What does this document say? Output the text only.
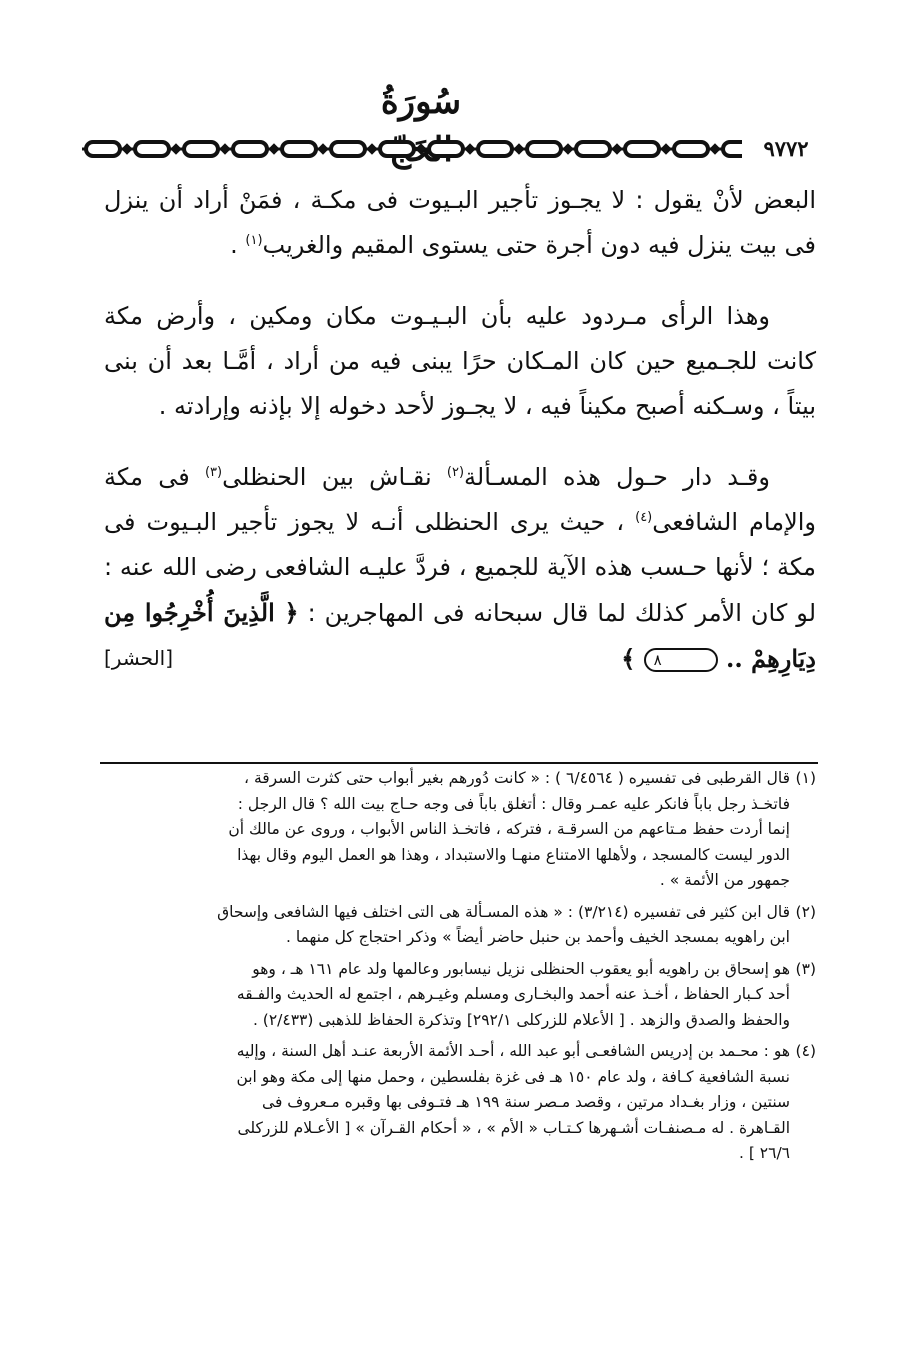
سُورَةُ
٩٧٧٢

البعض لأنْ يقول : لا يجـوز تأجير البـيوت فى مكـة ، فمَنْ أراد أن ينزل فى بيت ينزل فيه دون أجرة حتى يستوى المقيم والغريب$^{(١)}$ .

وهذا الرأى مـردود عليه بأن البـيـوت مكان ومكين ، وأرض مكة كانت للجـميع حين كان المـكان حرًا يبنى فيه من أراد ، أمَّـا بعد أن بنى بيتاً ، وسـكنه أصبح مكيناً فيه ، لا يجـوز لأحد دخوله إلا بإذنه وإرادته .

وقـد دار حـول هذه المسـألة$^{(٢)}$ نقـاش بين الحنظلى$^{(٣)}$ فى مكة والإمام الشافعى$^{(٤)}$ ، حيث يرى الحنظلى أنـه لا يجوز تأجير البـيوت فى مكة ؛ لأنها حـسب هذه الآية للجميع ، فردَّ عليـه الشافعى رضى الله عنه : لو كان الأمر كذلك لما قال سبحانه فى المهاجرين : ﴿ الَّذِينَ أُخْرِجُوا مِن دِيَارِهِمْ .. ٨ ﴾
[الحشر]

(١)قال القرطبى فى تفسيره ( ٦/٤٥٦٤ ) : « كانت دُورهم بغير أبواب حتى كثرت السرقة ،
فاتخـذ رجل باباً فانكر عليه عمـر وقال : أتغلق باباً فى وجه حـاج بيت الله ؟ قال الرجل :
إنما أردت حفظ مـتاعهم من السرقـة ، فتركه ، فاتخـذ الناس الأبواب ، وروى عن مالك أن
الدور ليست كالمسجد ، ولأهلها الامتناع منهـا والاستبداد ، وهذا هو العمل اليوم وقال بهذا
جمهور من الأئمة » .
(٢)قال ابن كثير فى تفسيره (٣/٢١٤) : « هذه المسـألة هى التى اختلف فيها الشافعى وإسحاق
ابن راهويه بمسجد الخيف وأحمد بن حنبل حاضر أيضاً » وذكر احتجاج كل منهما .
(٣)هو إسحاق بن راهويه أبو يعقوب الحنظلى نزيل نيسابور وعالمها ولد عام ١٦١ هـ ، وهو
أحد كـبار الحفاظ ، أخـذ عنه أحمد والبخـارى ومسلم وغيـرهم ، اجتمع له الحديث والفـقه
والحفظ والصدق والزهد . [ الأعلام للزركلى ٢٩٢/١] وتذكرة الحفاظ للذهبى (٢/٤٣٣) .
(٤)هو : محـمد بن إدريس الشافعـى أبو عبد الله ، أحـد الأئمة الأربعة عنـد أهل السنة ، وإليه
نسبة الشافعية كـافة ، ولد عام ١٥٠ هـ فى غزة بفلسطين ، وحمل منها إلى مكة وهو ابن
سنتين ، وزار بغـداد مرتين ، وقصد مـصر سنة ١٩٩ هـ فتـوفى بها وقبره مـعروف فى
القـاهرة . له مـصنفـات أشـهرها كـتـاب « الأم » ، « أحكام القـرآن » [ الأعـلام للزركلى
٢٦/٦ ] .
